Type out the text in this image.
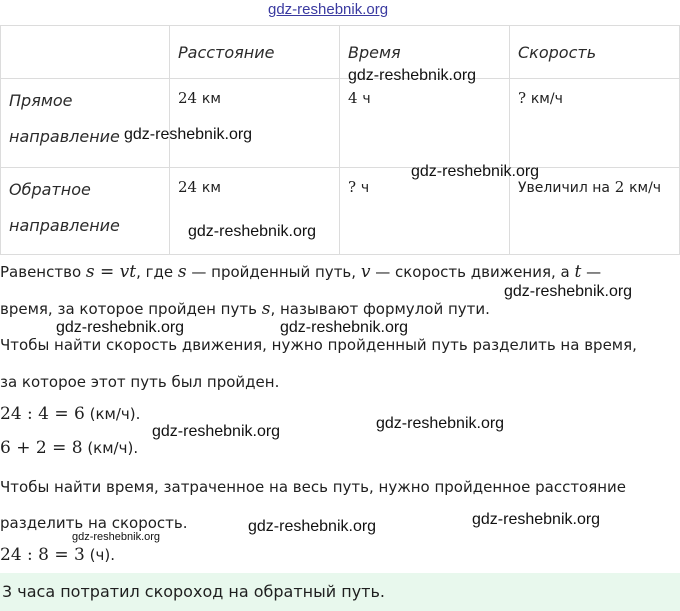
gdz-reshebnik.org

	Расстояние	Время	Скорость

Прямое
направление	24 км	4 ч	? км/ч

Обратное
направление	24 км	? ч	Увеличил на 2 км/ч
Равенство s = vt, где s — пройденный путь, v — скорость движения, а t —
время, за которое пройден путь s, называют формулой пути.
Чтобы найти скорость движения, нужно пройденный путь разделить на время,
за которое этот путь был пройден.
24 : 4 = 6 (км/ч).
6 + 2 = 8 (км/ч).
Чтобы найти время, затраченное на весь путь, нужно пройденное расстояние
разделить на скорость.
24 : 8 = 3 (ч).
3 часа потратил скороход на обратный путь.
gdz-reshebnik.org
gdz-reshebnik.org
gdz-reshebnik.org
gdz-reshebnik.org
gdz-reshebnik.org
gdz-reshebnik.org	gdz-reshebnik.org
gdz-reshebnik.org	gdz-reshebnik.org
gdz-reshebnik.org	gdz-reshebnik.org
gdz-reshebnik.org
